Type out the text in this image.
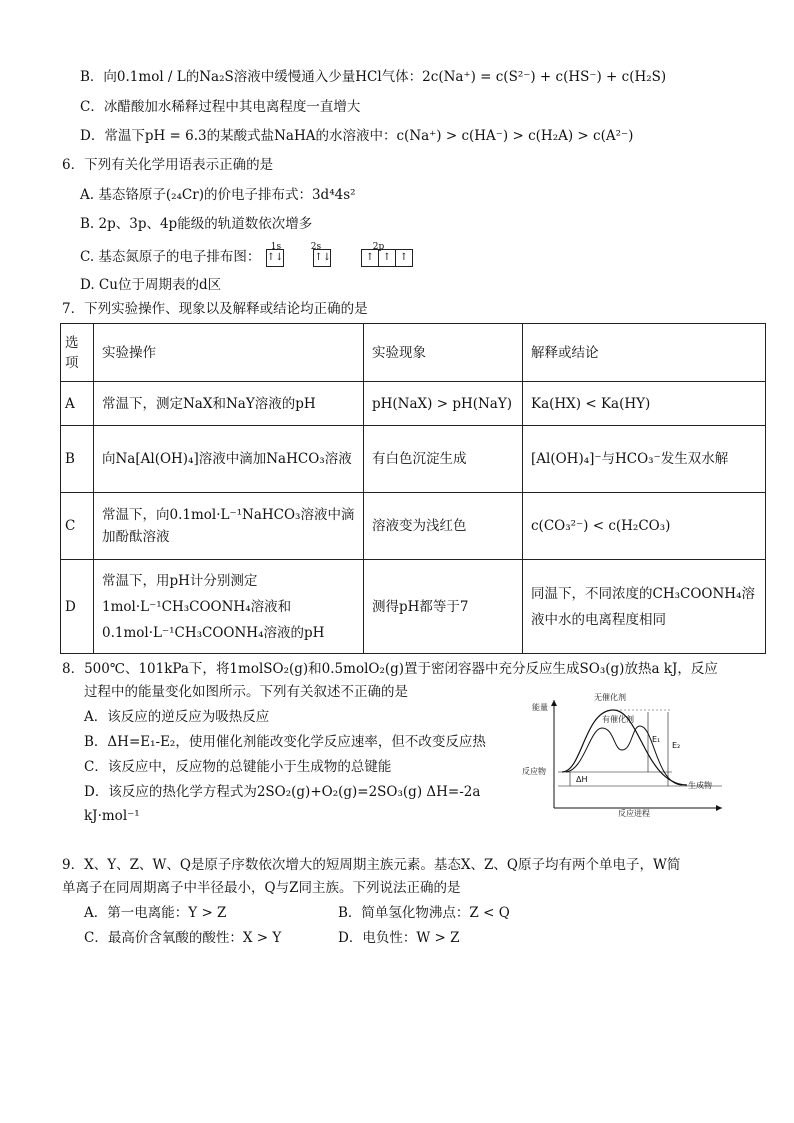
B．向0.1mol / L的Na₂S溶液中缓慢通入少量HCl气体：2c(Na⁺) = c(S²⁻) + c(HS⁻) + c(H₂S)
C．冰醋酸加水稀释过程中其电离程度一直增大
D．常温下pH = 6.3的某酸式盐NaHA的水溶液中：c(Na⁺) > c(HA⁻) > c(H₂A) > c(A²⁻)
6．下列有关化学用语表示正确的是
A. 基态铬原子(₂₄Cr)的价电子排布式：3d⁴4s²
B. 2p、3p、4p能级的轨道数依次增多
C. 基态氮原子的电子排布图：
1s
↑↓
2s
↑↓
2p
↑ ↑ ↑
D. Cu位于周期表的d区
7．下列实验操作、现象以及解释或结论均正确的是
选项	实验操作	实验现象	解释或结论
A	常温下，测定NaX和NaY溶液的pH	pH(NaX) > pH(NaY)	Ka(HX) < Ka(HY)
B	向Na[Al(OH)₄]溶液中滴加NaHCO₃溶液	有白色沉淀生成	[Al(OH)₄]⁻与HCO₃⁻发生双水解
C	常温下，向0.1mol·L⁻¹NaHCO₃溶液中滴加酚酞溶液	溶液变为浅红色	c(CO₃²⁻) < c(H₂CO₃)
D	常温下，用pH计分别测定1mol·L⁻¹CH₃COONH₄溶液和0.1mol·L⁻¹CH₃COONH₄溶液的pH	测得pH都等于7	同温下，不同浓度的CH₃COONH₄溶液中水的电离程度相同
8．500℃、101kPa下，将1molSO₂(g)和0.5molO₂(g)置于密闭容器中充分反应生成SO₃(g)放热a kJ，反应
过程中的能量变化如图所示。下列有关叙述不正确的是
A．该反应的逆反应为吸热反应
B．ΔH=E₁-E₂，使用催化剂能改变化学反应速率，但不改变反应热
C．该反应中，反应物的总键能小于生成物的总键能
D．该反应的热化学方程式为2SO₂(g)+O₂(g)=2SO₃(g) ΔH=-2a
kJ·mol⁻¹
能量
反应进程
无催化剂
有催化剂
反应物
生成物
E₁
E₂
ΔH
9．X、Y、Z、W、Q是原子序数依次增大的短周期主族元素。基态X、Z、Q原子均有两个单电子，W简
单离子在同周期离子中半径最小，Q与Z同主族。下列说法正确的是
A．第一电离能：Y > Z	B．简单氢化物沸点：Z < Q
C．最高价含氧酸的酸性：X > Y	D．电负性：W > Z
